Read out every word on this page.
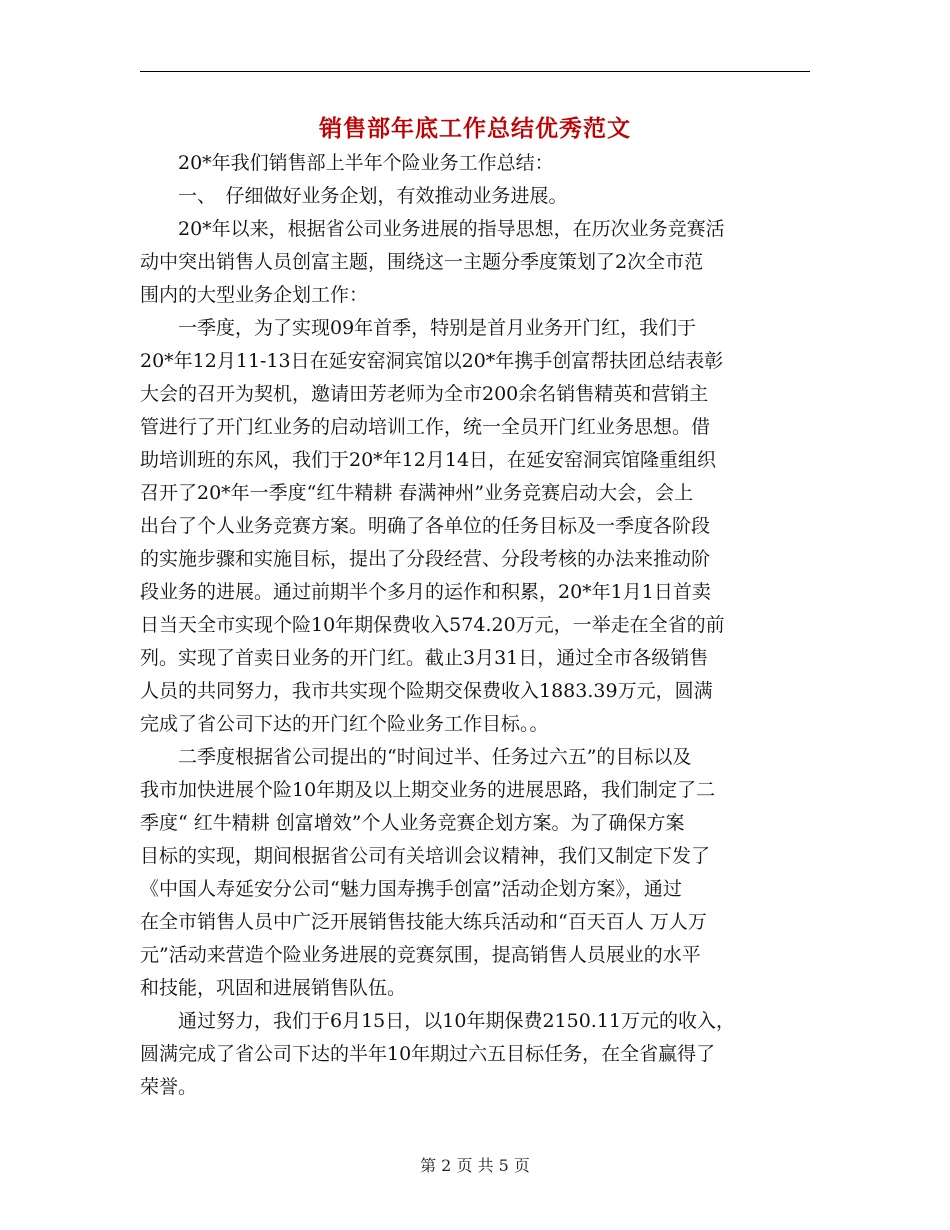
销售部年底工作总结优秀范文
　　20*年我们销售部上半年个险业务工作总结：
　　一、　仔细做好业务企划，有效推动业务进展。
　　20*年以来，根据省公司业务进展的指导思想，在历次业务竞赛活
动中突出销售人员创富主题，围绕这一主题分季度策划了2次全市范
围内的大型业务企划工作：
　　一季度，为了实现09年首季，特别是首月业务开门红，我们于
20*年12月11-13日在延安窑洞宾馆以20*年携手创富帮扶团总结表彰
大会的召开为契机，邀请田芳老师为全市200余名销售精英和营销主
管进行了开门红业务的启动培训工作，统一全员开门红业务思想。借
助培训班的东风，我们于20*年12月14日，在延安窑洞宾馆隆重组织
召开了20*年一季度“红牛精耕 春满神州”业务竞赛启动大会，会上
出台了个人业务竞赛方案。明确了各单位的任务目标及一季度各阶段
的实施步骤和实施目标，提出了分段经营、分段考核的办法来推动阶
段业务的进展。通过前期半个多月的运作和积累，20*年1月1日首卖
日当天全市实现个险10年期保费收入574.20万元，一举走在全省的前
列。实现了首卖日业务的开门红。截止3月31日，通过全市各级销售
人员的共同努力，我市共实现个险期交保费收入1883.39万元，圆满
完成了省公司下达的开门红个险业务工作目标。。
　　二季度根据省公司提出的“时间过半、任务过六五”的目标以及
我市加快进展个险10年期及以上期交业务的进展思路，我们制定了二
季度“ 红牛精耕 创富增效”个人业务竞赛企划方案。为了确保方案
目标的实现，期间根据省公司有关培训会议精神，我们又制定下发了
《中国人寿延安分公司“魅力国寿携手创富”活动企划方案》，通过
在全市销售人员中广泛开展销售技能大练兵活动和“百天百人 万人万
元”活动来营造个险业务进展的竞赛氛围，提高销售人员展业的水平
和技能，巩固和进展销售队伍。
　　通过努力，我们于6月15日，以10年期保费2150.11万元的收入，
圆满完成了省公司下达的半年10年期过六五目标任务，在全省赢得了
荣誉。
第 2 页 共 5 页
